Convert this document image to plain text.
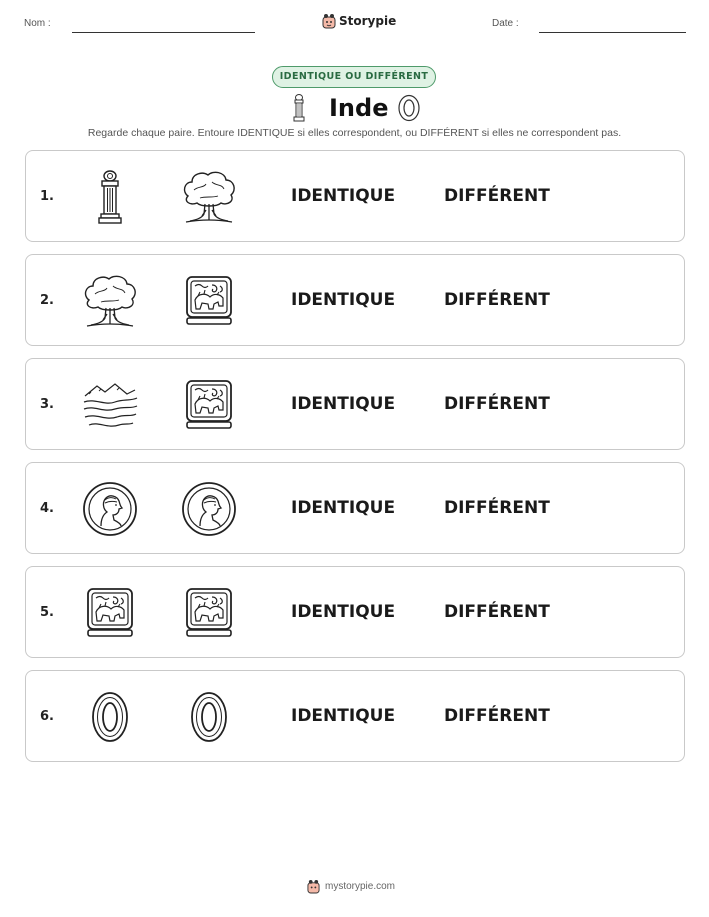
Nom :	Storypie	Date :
IDENTIQUE OU DIFFÉRENT
Inde
Regarde chaque paire. Entoure IDENTIQUE si elles correspondent, ou DIFFÉRENT si elles ne correspondent pas.
1.	IDENTIQUE	DIFFÉRENT
2.	IDENTIQUE	DIFFÉRENT
3.	IDENTIQUE	DIFFÉRENT
4.	IDENTIQUE	DIFFÉRENT
5.	IDENTIQUE	DIFFÉRENT
6.	IDENTIQUE	DIFFÉRENT
mystorypie.com
